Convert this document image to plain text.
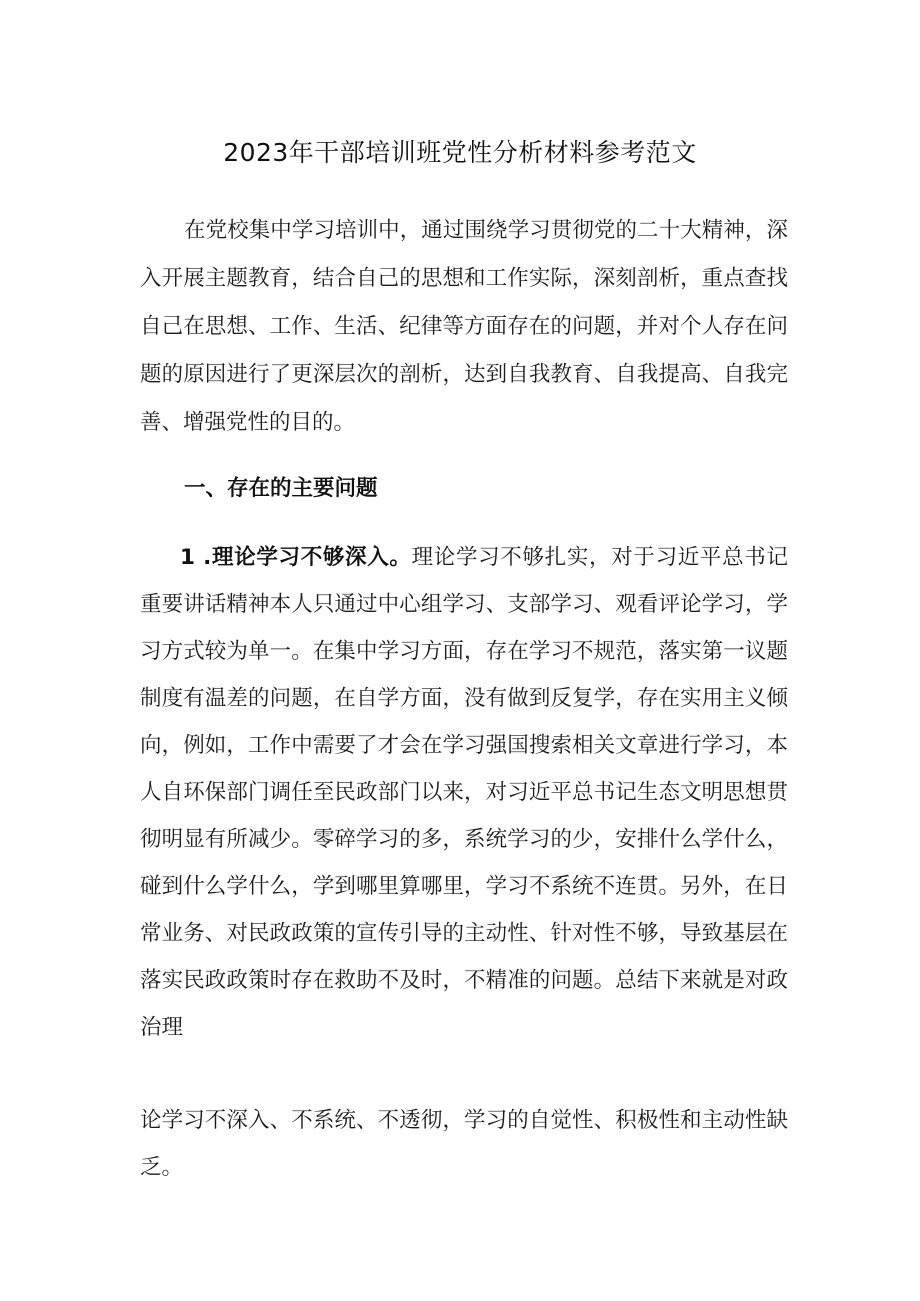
2023年干部培训班党性分析材料参考范文

在党校集中学习培训中，通过围绕学习贯彻党的二十大精神，深入开展主题教育，结合自己的思想和工作实际，深刻剖析，重点查找自己在思想、工作、生活、纪律等方面存在的问题，并对个人存在问题的原因进行了更深层次的剖析，达到自我教育、自我提高、自我完善、增强党性的目的。

一、存在的主要问题

1 .理论学习不够深入。理论学习不够扎实，对于习近平总书记重要讲话精神本人只通过中心组学习、支部学习、观看评论学习，学习方式较为单一。在集中学习方面，存在学习不规范，落实第一议题制度有温差的问题，在自学方面，没有做到反复学，存在实用主义倾向，例如，工作中需要了才会在学习强国搜索相关文章进行学习，本人自环保部门调任至民政部门以来，对习近平总书记生态文明思想贯彻明显有所减少。零碎学习的多，系统学习的少，安排什么学什么，碰到什么学什么，学到哪里算哪里，学习不系统不连贯。另外，在日常业务、对民政政策的宣传引导的主动性、针对性不够，导致基层在落实民政政策时存在救助不及时，不精准的问题。总结下来就是对政治理

论学习不深入、不系统、不透彻，学习的自觉性、积极性和主动性缺乏。
